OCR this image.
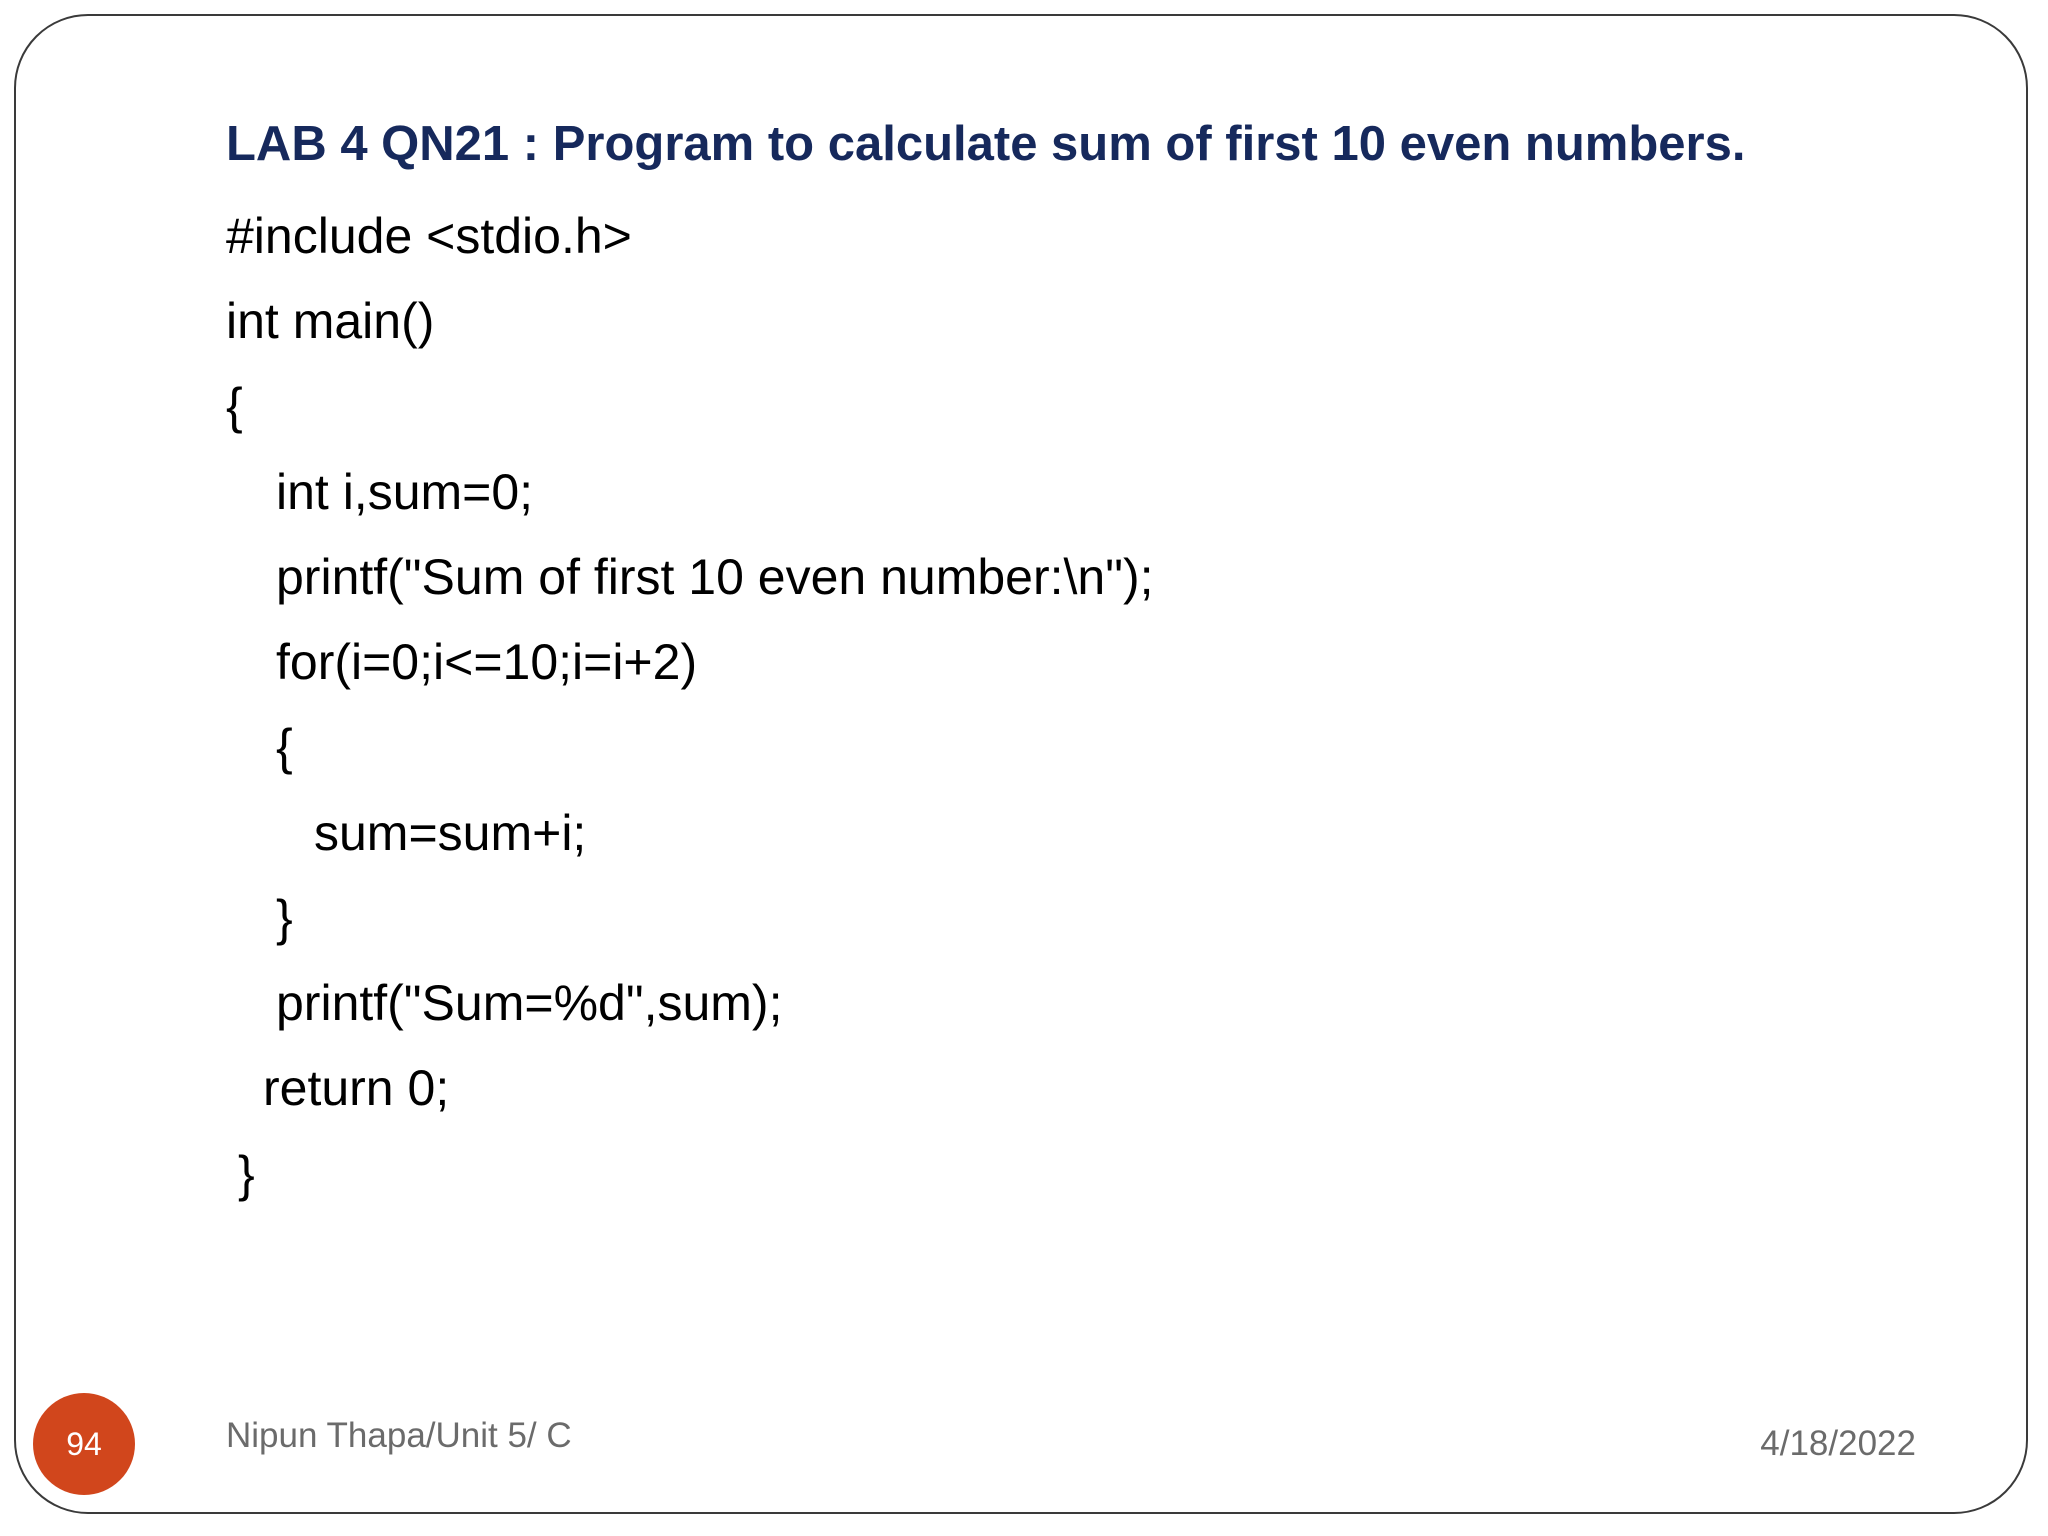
LAB 4 QN21 : Program to calculate sum of first 10 even numbers.
#include <stdio.h>
int main()
{
int i,sum=0;
printf("Sum of first 10 even number:\n");
for(i=0;i<=10;i=i+2)
{
sum=sum+i;
}
printf("Sum=%d",sum);
return 0;
}
94	Nipun Thapa/Unit 5/ C	4/18/2022
